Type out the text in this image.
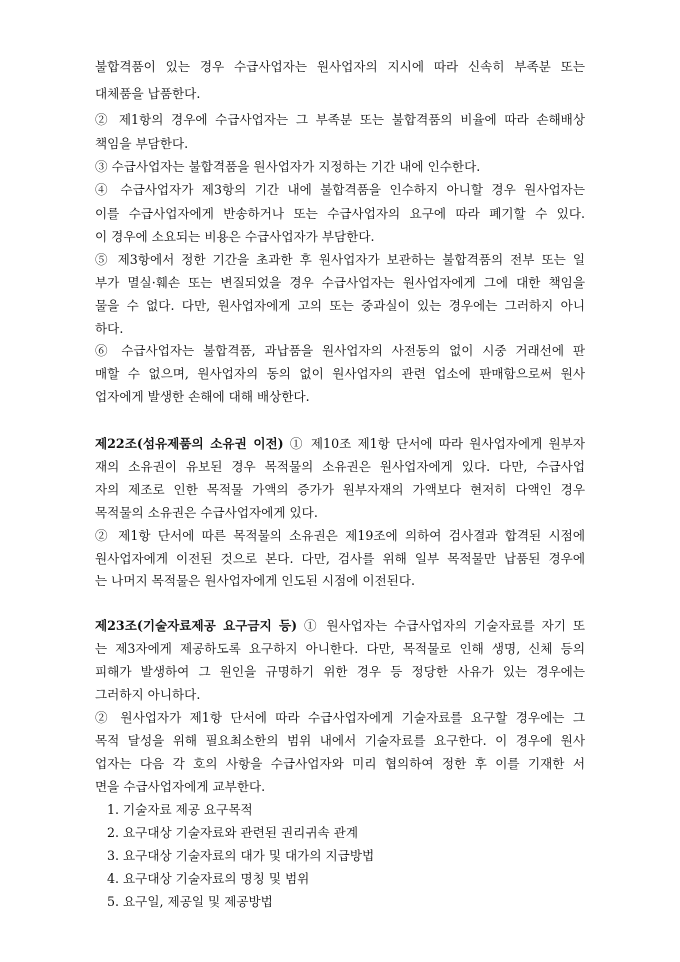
불합격품이 있는 경우 수급사업자는 원사업자의 지시에 따라 신속히 부족분 또는
대체품을 납품한다.
② 제1항의 경우에 수급사업자는 그 부족분 또는 불합격품의 비율에 따라 손해배상
책임을 부담한다.
③ 수급사업자는 불합격품을 원사업자가 지정하는 기간 내에 인수한다.
④ 수급사업자가 제3항의 기간 내에 불합격품을 인수하지 아니할 경우 원사업자는
이를 수급사업자에게 반송하거나 또는 수급사업자의 요구에 따라 폐기할 수 있다.
이 경우에 소요되는 비용은 수급사업자가 부담한다.
⑤ 제3항에서 정한 기간을 초과한 후 원사업자가 보관하는 불합격품의 전부 또는 일
부가 멸실·훼손 또는 변질되었을 경우 수급사업자는 원사업자에게 그에 대한 책임을
물을 수 없다. 다만, 원사업자에게 고의 또는 중과실이 있는 경우에는 그러하지 아니
하다.
⑥ 수급사업자는 불합격품, 과납품을 원사업자의 사전동의 없이 시중 거래선에 판
매할 수 없으며, 원사업자의 동의 없이 원사업자의 관련 업소에 판매함으로써 원사
업자에게 발생한 손해에 대해 배상한다.
제22조(섬유제품의 소유권 이전) ① 제10조 제1항 단서에 따라 원사업자에게 원부자
재의 소유권이 유보된 경우 목적물의 소유권은 원사업자에게 있다. 다만, 수급사업
자의 제조로 인한 목적물 가액의 증가가 원부자재의 가액보다 현저히 다액인 경우
목적물의 소유권은 수급사업자에게 있다.
② 제1항 단서에 따른 목적물의 소유권은 제19조에 의하여 검사결과 합격된 시점에
원사업자에게 이전된 것으로 본다. 다만, 검사를 위해 일부 목적물만 납품된 경우에
는 나머지 목적물은 원사업자에게 인도된 시점에 이전된다.
제23조(기술자료제공 요구금지 등) ① 원사업자는 수급사업자의 기술자료를 자기 또
는 제3자에게 제공하도록 요구하지 아니한다. 다만, 목적물로 인해 생명, 신체 등의
피해가 발생하여 그 원인을 규명하기 위한 경우 등 정당한 사유가 있는 경우에는
그러하지 아니하다.
② 원사업자가 제1항 단서에 따라 수급사업자에게 기술자료를 요구할 경우에는 그
목적 달성을 위해 필요최소한의 범위 내에서 기술자료를 요구한다. 이 경우에 원사
업자는 다음 각 호의 사항을 수급사업자와 미리 협의하여 정한 후 이를 기재한 서
면을 수급사업자에게 교부한다.
1. 기술자료 제공 요구목적
2. 요구대상 기술자료와 관련된 권리귀속 관계
3. 요구대상 기술자료의 대가 및 대가의 지급방법
4. 요구대상 기술자료의 명칭 및 범위
5. 요구일, 제공일 및 제공방법
